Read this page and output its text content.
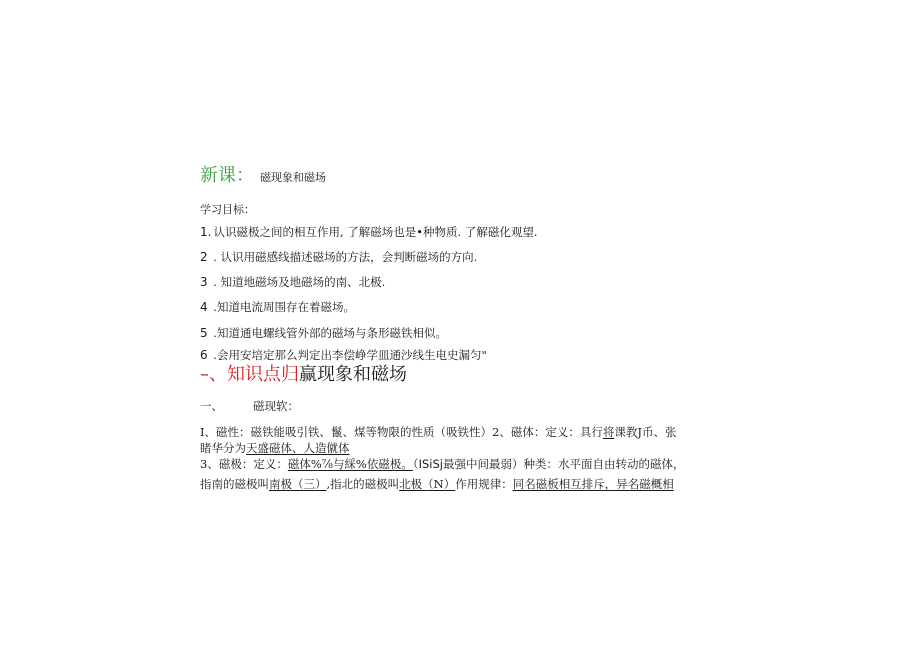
新课： 磁现象和磁场
学习目标：
1. 认识磁极之间的相互作用, 了解磁场也是•种物质. 了解磁化观望.
2 . 认识用磁感线描述磁场的方法，会判断磁场的方向.
3 . 知道地磁场及地磁场的南、北极.
4 .知道电流周围存在着磁场。
5 .知道通电螺线管外部的磁场与条形磁铁相似。
6 .会用安培定那么判定出李偿峥学皿通沙线生电史漏匀"
–、知识点归赢现象和磁场
一、	磁现软：
I、磁性：磁铁能吸引铁、鬣、煤等物限的性质（吸铁性）2、磁体：定义：具行将课教J币、张
睹华分为天盛磁体、人造僦体
3、磁极：定义：磁体%⅞与綵%依磁极。（ISiSj最强中间最弱）种类：水平面自由转动的磁体，
指南的磁极叫南极（三）,指北的磁极叫北极（N）作用规律：同名磁板相互排斥，异名磁概相
